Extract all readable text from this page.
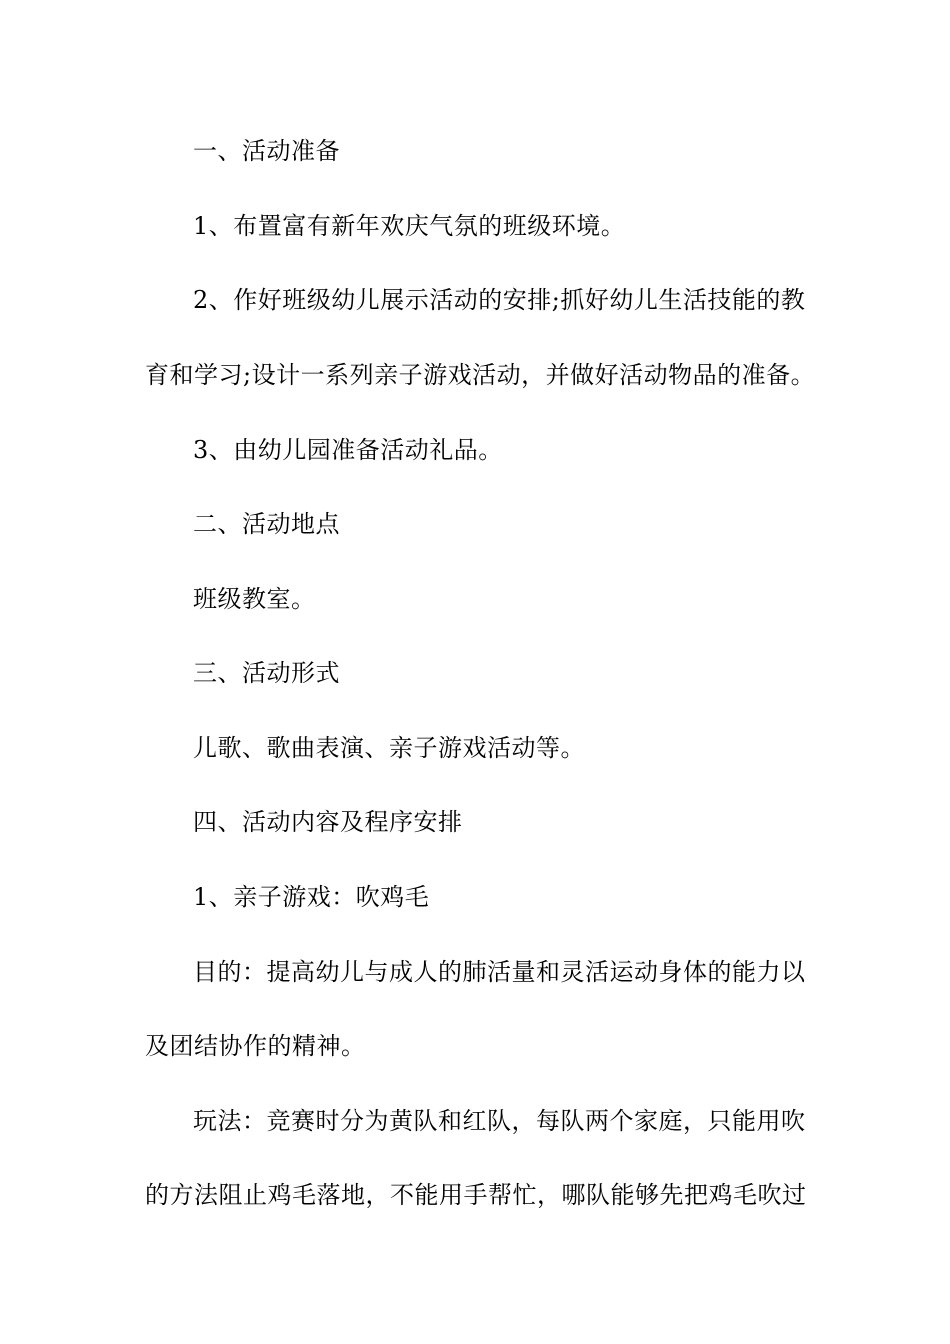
一、活动准备
1、布置富有新年欢庆气氛的班级环境。
2、作好班级幼儿展示活动的安排;抓好幼儿生活技能的教
育和学习;设计一系列亲子游戏活动，并做好活动物品的准备。
3、由幼儿园准备活动礼品。
二、活动地点
班级教室。
三、活动形式
儿歌、歌曲表演、亲子游戏活动等。
四、活动内容及程序安排
1、亲子游戏：吹鸡毛
目的：提高幼儿与成人的肺活量和灵活运动身体的能力以
及团结协作的精神。
玩法：竞赛时分为黄队和红队，每队两个家庭，只能用吹
的方法阻止鸡毛落地，不能用手帮忙，哪队能够先把鸡毛吹过
